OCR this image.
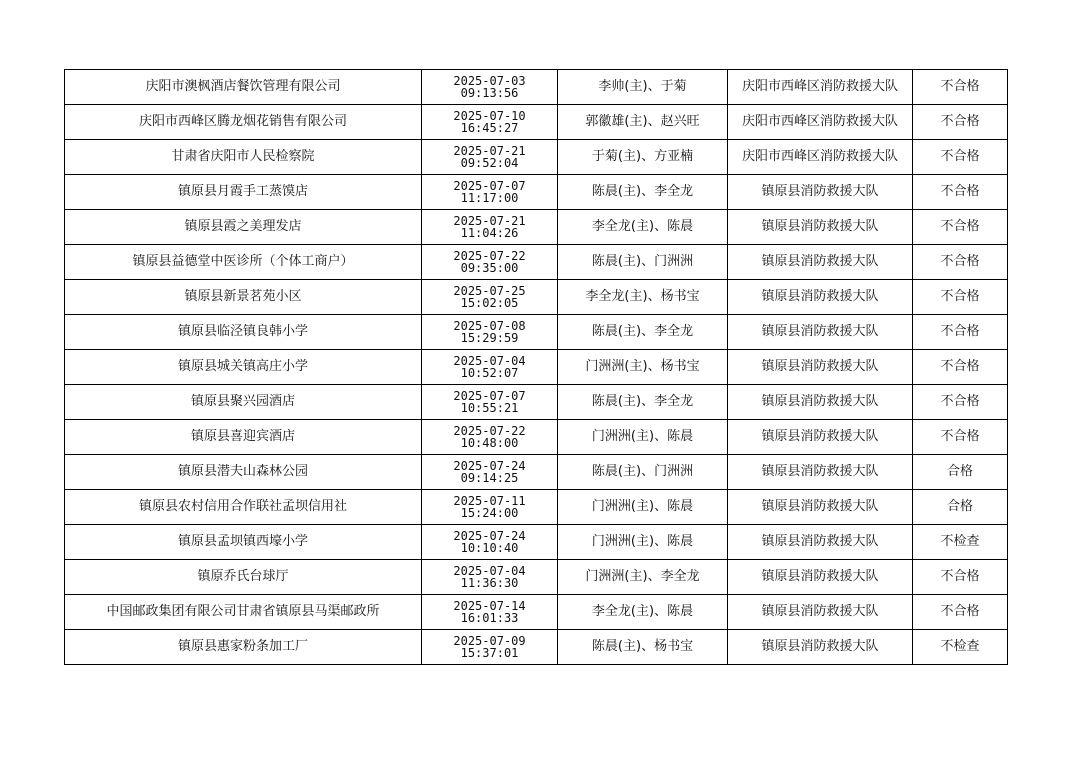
庆阳市澳枫酒店餐饮管理有限公司	2025-07-03
09:13:56	李帅(主)、于菊	庆阳市西峰区消防救援大队	不合格
庆阳市西峰区腾龙烟花销售有限公司	2025-07-10
16:45:27	郭徽雄(主)、赵兴旺	庆阳市西峰区消防救援大队	不合格
甘肃省庆阳市人民检察院	2025-07-21
09:52:04	于菊(主)、方亚楠	庆阳市西峰区消防救援大队	不合格
镇原县月霞手工蒸馍店	2025-07-07
11:17:00	陈晨(主)、李全龙	镇原县消防救援大队	不合格
镇原县霞之美理发店	2025-07-21
11:04:26	李全龙(主)、陈晨	镇原县消防救援大队	不合格
镇原县益德堂中医诊所（个体工商户）	2025-07-22
09:35:00	陈晨(主)、门洲洲	镇原县消防救援大队	不合格
镇原县新景茗苑小区	2025-07-25
15:02:05	李全龙(主)、杨书宝	镇原县消防救援大队	不合格
镇原县临泾镇良韩小学	2025-07-08
15:29:59	陈晨(主)、李全龙	镇原县消防救援大队	不合格
镇原县城关镇高庄小学	2025-07-04
10:52:07	门洲洲(主)、杨书宝	镇原县消防救援大队	不合格
镇原县聚兴园酒店	2025-07-07
10:55:21	陈晨(主)、李全龙	镇原县消防救援大队	不合格
镇原县喜迎宾酒店	2025-07-22
10:48:00	门洲洲(主)、陈晨	镇原县消防救援大队	不合格
镇原县潜夫山森林公园	2025-07-24
09:14:25	陈晨(主)、门洲洲	镇原县消防救援大队	合格
镇原县农村信用合作联社孟坝信用社	2025-07-11
15:24:00	门洲洲(主)、陈晨	镇原县消防救援大队	合格
镇原县孟坝镇西壕小学	2025-07-24
10:10:40	门洲洲(主)、陈晨	镇原县消防救援大队	不检查
镇原乔氏台球厅	2025-07-04
11:36:30	门洲洲(主)、李全龙	镇原县消防救援大队	不合格
中国邮政集团有限公司甘肃省镇原县马渠邮政所	2025-07-14
16:01:33	李全龙(主)、陈晨	镇原县消防救援大队	不合格
镇原县惠家粉条加工厂	2025-07-09
15:37:01	陈晨(主)、杨书宝	镇原县消防救援大队	不检查
